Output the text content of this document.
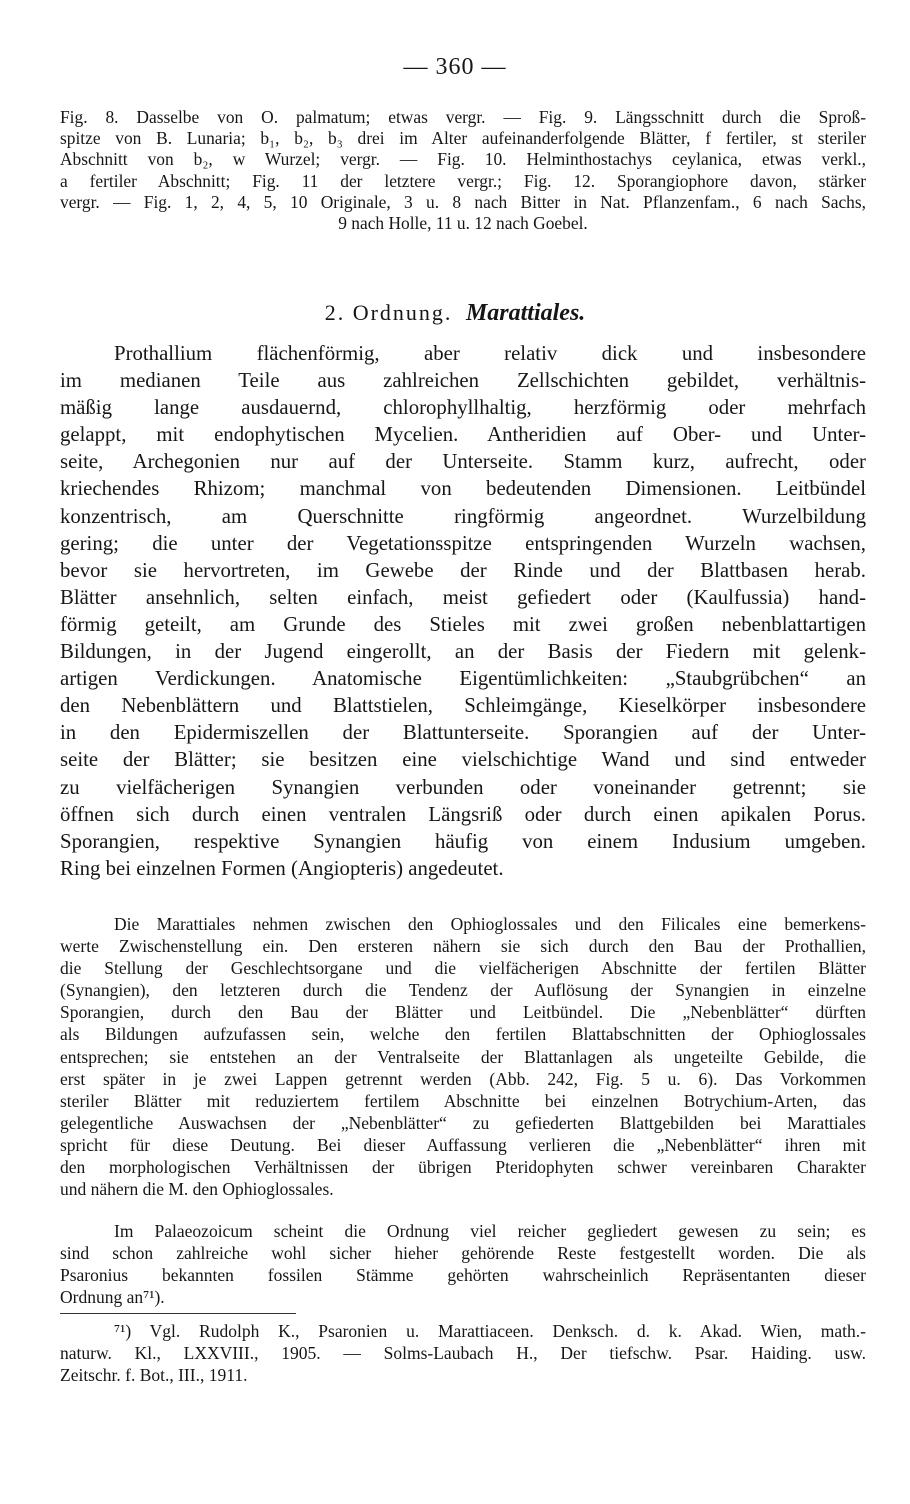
— 360 —
Fig. 8. Dasselbe von O. palmatum; etwas vergr. — Fig. 9. Längsschnitt durch die Sproß-
spitze von B. Lunaria; b₁, b₂, b₃ drei im Alter aufeinanderfolgende Blätter, f fertiler, st steriler
Abschnitt von b₂, w Wurzel; vergr. — Fig. 10. Helminthostachys ceylanica, etwas verkl.,
a fertiler Abschnitt; Fig. 11 der letztere vergr.; Fig. 12. Sporangiophore davon, stärker
vergr. — Fig. 1, 2, 4, 5, 10 Originale, 3 u. 8 nach Bitter in Nat. Pflanzenfam., 6 nach Sachs,
9 nach Holle, 11 u. 12 nach Goebel.
2. Ordnung. Marattiales.
Prothallium flächenförmig, aber relativ dick und insbesondere
im medianen Teile aus zahlreichen Zellschichten gebildet, verhältnis-
mäßig lange ausdauernd, chlorophyllhaltig, herzförmig oder mehrfach
gelappt, mit endophytischen Mycelien. Antheridien auf Ober- und Unter-
seite, Archegonien nur auf der Unterseite. Stamm kurz, aufrecht, oder
kriechendes Rhizom; manchmal von bedeutenden Dimensionen. Leitbündel
konzentrisch, am Querschnitte ringförmig angeordnet. Wurzelbildung
gering; die unter der Vegetationsspitze entspringenden Wurzeln wachsen,
bevor sie hervortreten, im Gewebe der Rinde und der Blattbasen herab.
Blätter ansehnlich, selten einfach, meist gefiedert oder (Kaulfussia) hand-
förmig geteilt, am Grunde des Stieles mit zwei großen nebenblattartigen
Bildungen, in der Jugend eingerollt, an der Basis der Fiedern mit gelenk-
artigen Verdickungen. Anatomische Eigentümlichkeiten: „Staubgrübchen“ an
den Nebenblättern und Blattstielen, Schleimgänge, Kieselkörper insbesondere
in den Epidermiszellen der Blattunterseite. Sporangien auf der Unter-
seite der Blätter; sie besitzen eine vielschichtige Wand und sind entweder
zu vielfächerigen Synangien verbunden oder voneinander getrennt; sie
öffnen sich durch einen ventralen Längsriß oder durch einen apikalen Porus.
Sporangien, respektive Synangien häufig von einem Indusium umgeben.
Ring bei einzelnen Formen (Angiopteris) angedeutet.
Die Marattiales nehmen zwischen den Ophioglossales und den Filicales eine bemerkens-
werte Zwischenstellung ein. Den ersteren nähern sie sich durch den Bau der Prothallien,
die Stellung der Geschlechtsorgane und die vielfächerigen Abschnitte der fertilen Blätter
(Synangien), den letzteren durch die Tendenz der Auflösung der Synangien in einzelne
Sporangien, durch den Bau der Blätter und Leitbündel. Die „Nebenblätter“ dürften
als Bildungen aufzufassen sein, welche den fertilen Blattabschnitten der Ophioglossales
entsprechen; sie entstehen an der Ventralseite der Blattanlagen als ungeteilte Gebilde, die
erst später in je zwei Lappen getrennt werden (Abb. 242, Fig. 5 u. 6). Das Vorkommen
steriler Blätter mit reduziertem fertilem Abschnitte bei einzelnen Botrychium-Arten, das
gelegentliche Auswachsen der „Nebenblätter“ zu gefiederten Blattgebilden bei Marattiales
spricht für diese Deutung. Bei dieser Auffassung verlieren die „Nebenblätter“ ihren mit
den morphologischen Verhältnissen der übrigen Pteridophyten schwer vereinbaren Charakter
und nähern die M. den Ophioglossales.
Im Palaeozoicum scheint die Ordnung viel reicher gegliedert gewesen zu sein; es
sind schon zahlreiche wohl sicher hieher gehörende Reste festgestellt worden. Die als
Psaronius bekannten fossilen Stämme gehörten wahrscheinlich Repräsentanten dieser
Ordnung an⁷¹).
⁷¹) Vgl. Rudolph K., Psaronien u. Marattiaceen. Denksch. d. k. Akad. Wien, math.-
naturw. Kl., LXXVIII., 1905. — Solms-Laubach H., Der tiefschw. Psar. Haiding. usw.
Zeitschr. f. Bot., III., 1911.
